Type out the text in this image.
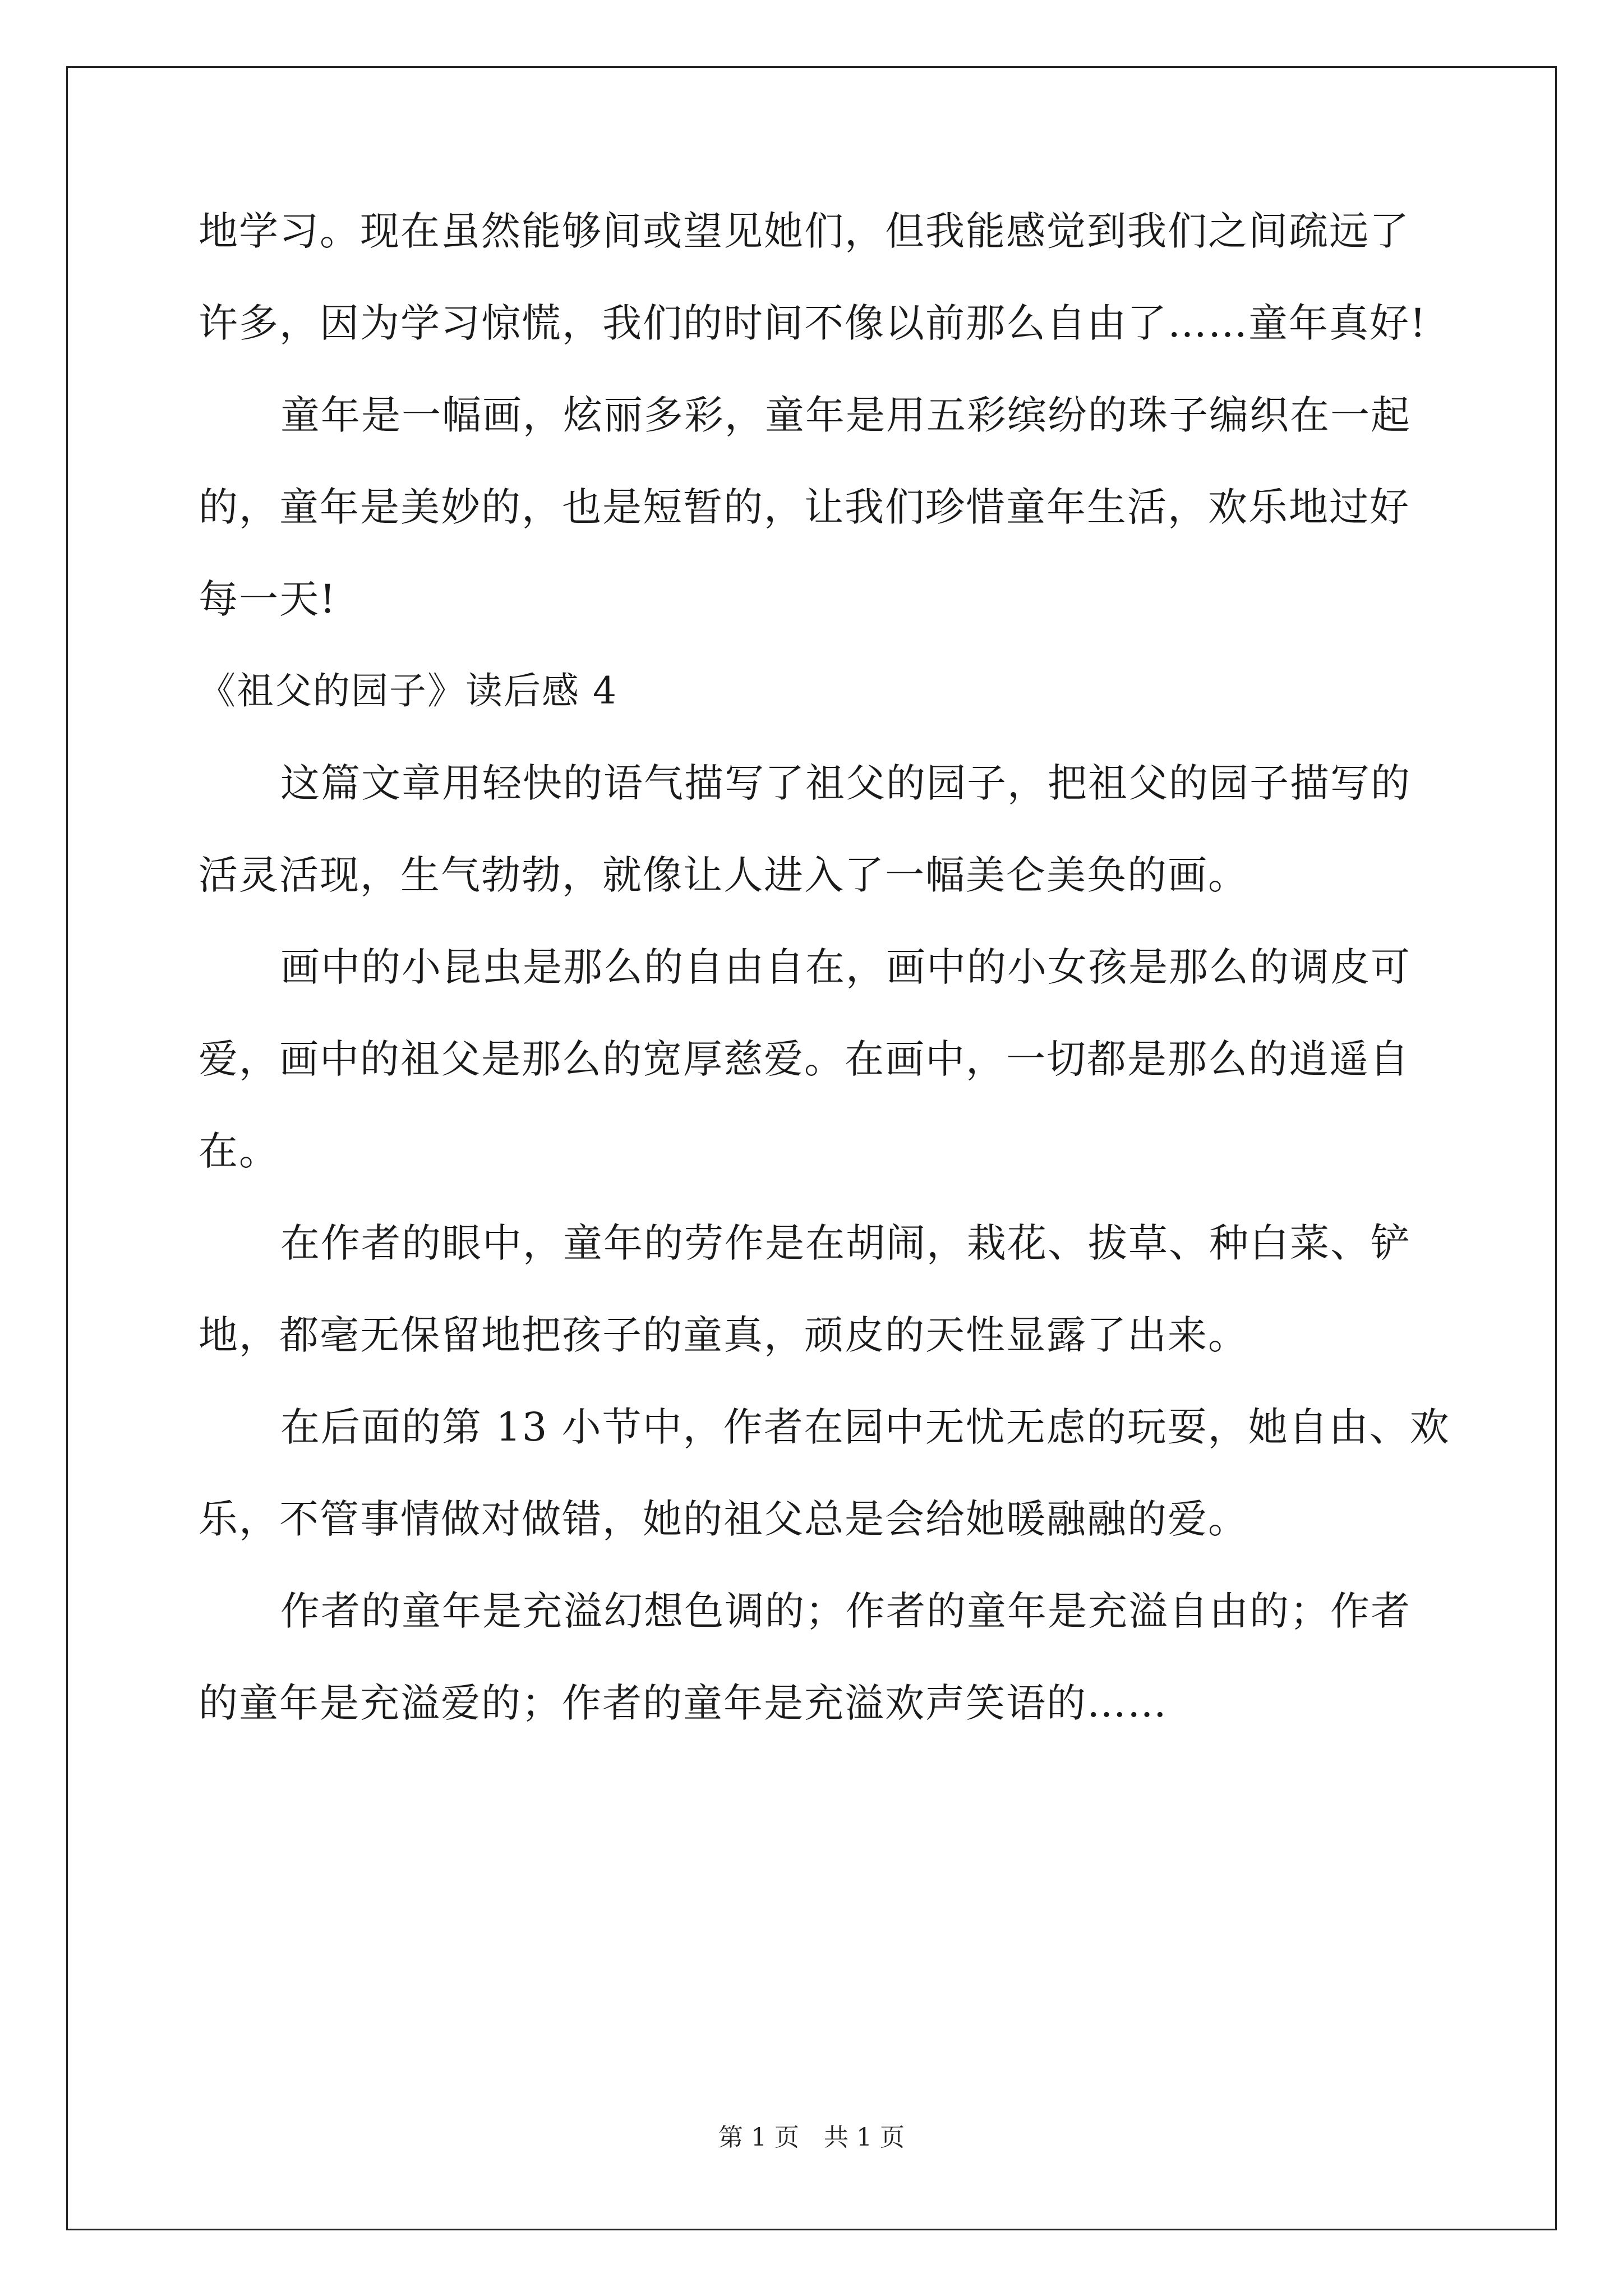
地学习。现在虽然能够间或望见她们，但我能感觉到我们之间疏远了
许多，因为学习惊慌，我们的时间不像以前那么自由了……童年真好!
童年是一幅画，炫丽多彩，童年是用五彩缤纷的珠子编织在一起
的，童年是美妙的，也是短暂的，让我们珍惜童年生活，欢乐地过好
每一天!
《祖父的园子》读后感 4
这篇文章用轻快的语气描写了祖父的园子，把祖父的园子描写的
活灵活现，生气勃勃，就像让人进入了一幅美仑美奂的画。
画中的小昆虫是那么的自由自在，画中的小女孩是那么的调皮可
爱，画中的祖父是那么的宽厚慈爱。在画中，一切都是那么的逍遥自
在。
在作者的眼中，童年的劳作是在胡闹，栽花、拔草、种白菜、铲
地，都毫无保留地把孩子的童真，顽皮的天性显露了出来。
在后面的第 13 小节中，作者在园中无忧无虑的玩耍，她自由、欢
乐，不管事情做对做错，她的祖父总是会给她暖融融的爱。
作者的童年是充溢幻想色调的；作者的童年是充溢自由的；作者
的童年是充溢爱的；作者的童年是充溢欢声笑语的……
第 1 页　共 1 页
